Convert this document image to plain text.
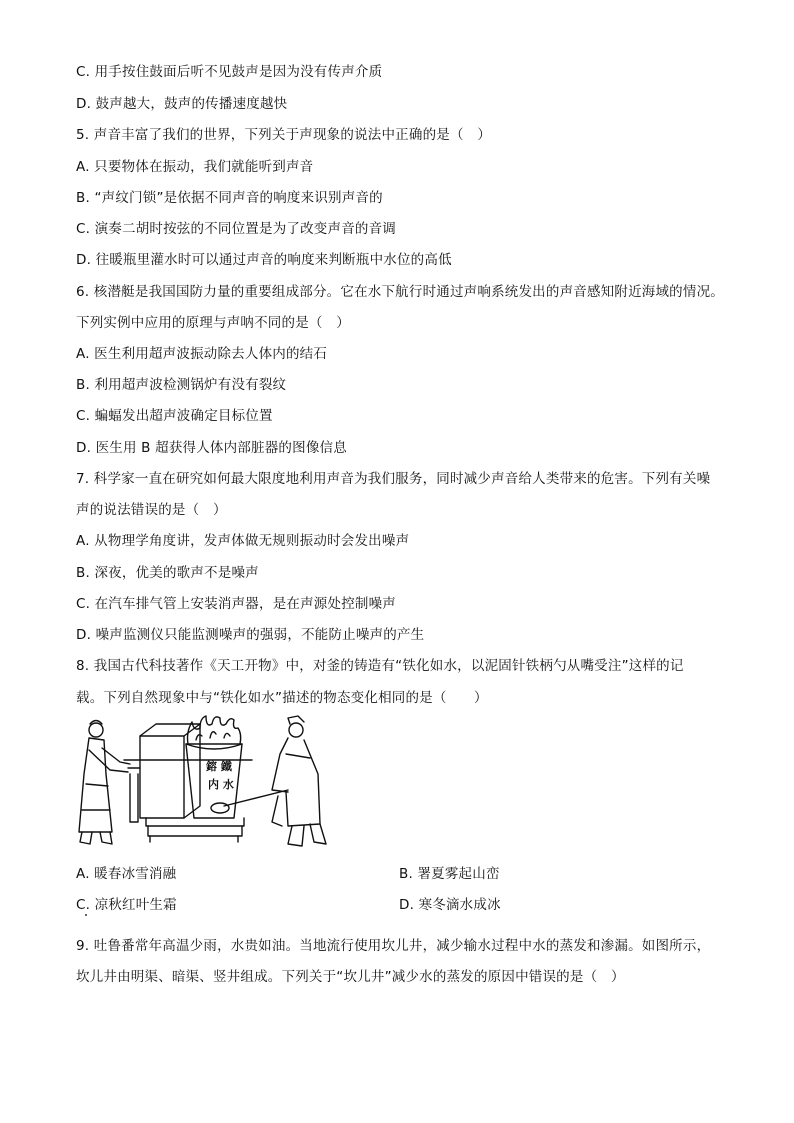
C. 用手按住鼓面后听不见鼓声是因为没有传声介质
D. 鼓声越大，鼓声的传播速度越快
5. 声音丰富了我们的世界，下列关于声现象的说法中正确的是（　）
A. 只要物体在振动，我们就能听到声音
B. “声纹门锁”是依据不同声音的响度来识别声音的
C. 演奏二胡时按弦的不同位置是为了改变声音的音调
D. 往暖瓶里灌水时可以通过声音的响度来判断瓶中水位的高低
6. 核潜艇是我国国防力量的重要组成部分。它在水下航行时通过声响系统发出的声音感知附近海域的情况。
下列实例中应用的原理与声呐不同的是（　）
A. 医生利用超声波振动除去人体内的结石
B. 利用超声波检测锅炉有没有裂纹
C. 蝙蝠发出超声波确定目标位置
D. 医生用 B 超获得人体内部脏器的图像信息
7. 科学家一直在研究如何最大限度地利用声音为我们服务，同时减少声音给人类带来的危害。下列有关噪
声的说法错误的是（　）
A. 从物理学角度讲，发声体做无规则振动时会发出噪声
B. 深夜，优美的歌声不是噪声
C. 在汽车排气管上安装消声器，是在声源处控制噪声
D. 噪声监测仪只能监测噪声的强弱，不能防止噪声的产生
8. 我国古代科技著作《天工开物》中，对釜的铸造有“铁化如水，以泥固针铁柄勺从嘴受注”这样的记
载。下列自然现象中与“铁化如水”描述的物态变化相同的是（　　）
鎔 鐵
内 水
A. 暖春冰雪消融	B. 署夏雾起山峦
C. 凉秋红叶生霜	D. 寒冬滴水成冰
9. 吐鲁番常年高温少雨，水贵如油。当地流行使用坎儿井，减少输水过程中水的蒸发和渗漏。如图所示，
坎儿井由明渠、暗渠、竖井组成。下列关于“坎儿井”减少水的蒸发的原因中错误的是（　）
